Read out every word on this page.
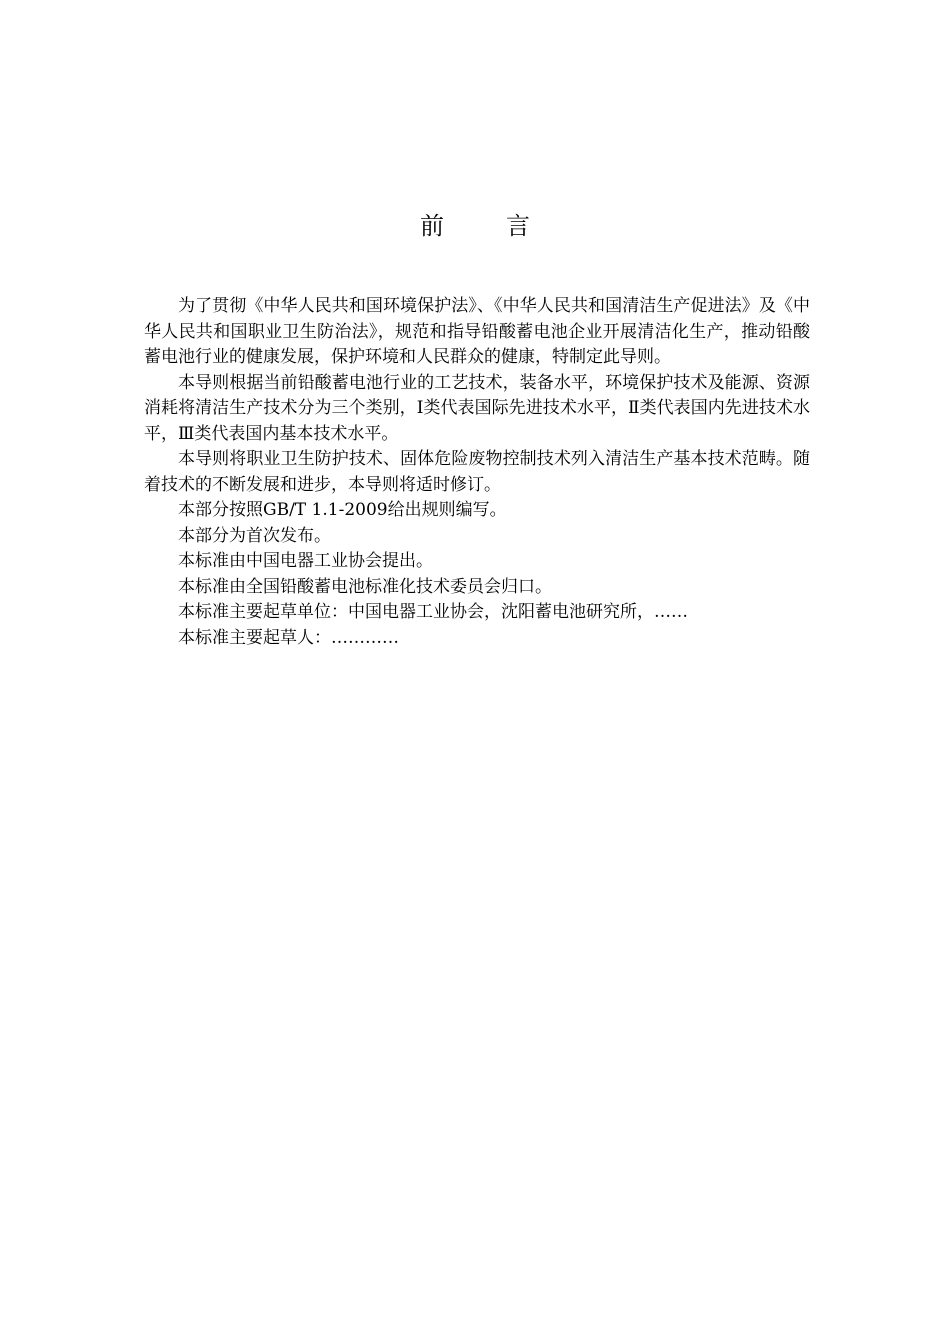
前	言

为了贯彻《中华人民共和国环境保护法》、《中华人民共和国清洁生产促进法》及《中华人民共和国职业卫生防治法》，规范和指导铅酸蓄电池企业开展清洁化生产，推动铅酸蓄电池行业的健康发展，保护环境和人民群众的健康，特制定此导则。

本导则根据当前铅酸蓄电池行业的工艺技术，装备水平，环境保护技术及能源、资源消耗将清洁生产技术分为三个类别，Ⅰ类代表国际先进技术水平，Ⅱ类代表国内先进技术水平，Ⅲ类代表国内基本技术水平。

本导则将职业卫生防护技术、固体危险废物控制技术列入清洁生产基本技术范畴。随着技术的不断发展和进步，本导则将适时修订。

本部分按照GB/T 1.1-2009给出规则编写。

本部分为首次发布。

本标准由中国电器工业协会提出。

本标准由全国铅酸蓄电池标准化技术委员会归口。

本标准主要起草单位：中国电器工业协会，沈阳蓄电池研究所，……

本标准主要起草人：…………
